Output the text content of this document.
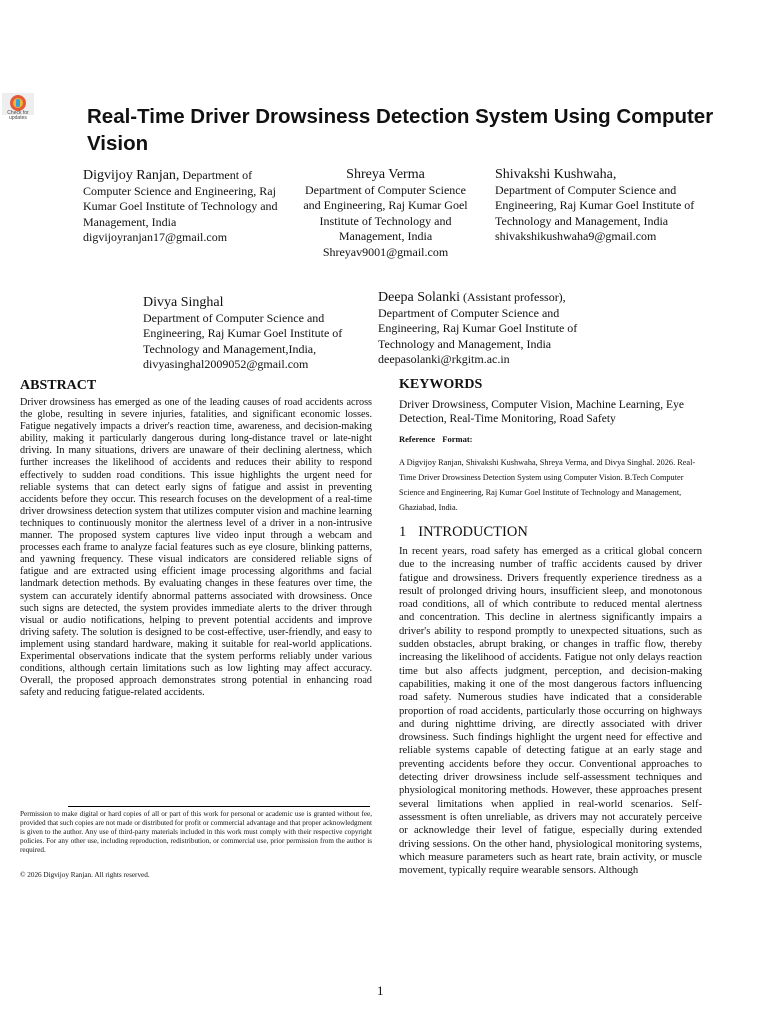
Check for updates	Real-Time Driver Drowsiness Detection System Using Computer Vision
Digvijoy Ranjan, Department of
Computer Science and Engineering, Raj Kumar Goel Institute of Technology and Management, India
digvijoyranjan17@gmail.com
Shreya Verma
Department of Computer Science and Engineering, Raj Kumar Goel Institute of Technology and Management, India
Shreyav9001@gmail.com
Shivakshi Kushwaha,
Department of Computer Science and Engineering, Raj Kumar Goel Institute of Technology and Management, India
shivakshikushwaha9@gmail.com
Divya Singhal
Department of Computer Science and Engineering, Raj Kumar Goel Institute of Technology and Management,India,
divyasinghal2009052@gmail.com
Deepa Solanki (Assistant professor),
Department of Computer Science and Engineering, Raj Kumar Goel Institute of Technology and Management, India
deepasolanki@rkgitm.ac.in
ABSTRACT
Driver drowsiness has emerged as one of the leading causes of road accidents across the globe, resulting in severe injuries, fatalities, and significant economic losses. Fatigue negatively impacts a driver's reaction time, awareness, and decision-making ability, making it particularly dangerous during long-distance travel or late-night driving. In many situations, drivers are unaware of their declining alertness, which further increases the likelihood of accidents and reduces their ability to respond effectively to sudden road conditions. This issue highlights the urgent need for reliable systems that can detect early signs of fatigue and assist in preventing accidents before they occur. This research focuses on the development of a real-time driver drowsiness detection system that utilizes computer vision and machine learning techniques to continuously monitor the alertness level of a driver in a non-intrusive manner. The proposed system captures live video input through a webcam and processes each frame to analyze facial features such as eye closure, blinking patterns, and yawning frequency. These visual indicators are considered reliable signs of fatigue and are extracted using efficient image processing algorithms and facial landmark detection methods. By evaluating changes in these features over time, the system can accurately identify abnormal patterns associated with drowsiness. Once such signs are detected, the system provides immediate alerts to the driver through visual or audio notifications, helping to prevent potential accidents and improve driving safety. The solution is designed to be cost-effective, user-friendly, and easy to implement using standard hardware, making it suitable for real-world applications. Experimental observations indicate that the system performs reliably under various conditions, although certain limitations such as low lighting may affect accuracy. Overall, the proposed approach demonstrates strong potential in enhancing road safety and reducing fatigue-related accidents.
Permission to make digital or hard copies of all or part of this work for personal or academic use is granted without fee, provided that such copies are not made or distributed for profit or commercial advantage and that proper acknowledgment is given to the author. Any use of third-party materials included in this work must comply with their respective copyright policies. For any other use, including reproduction, redistribution, or commercial use, prior permission from the author is required.
© 2026 Digvijoy Ranjan. All rights reserved.
KEYWORDS
Driver Drowsiness, Computer Vision, Machine Learning, Eye Detection, Real-Time Monitoring, Road Safety
Reference Format:
A Digvijoy Ranjan, Shivakshi Kushwaha, Shreya Verma, and Divya Singhal. 2026. Real-Time Driver Drowsiness Detection System using Computer Vision. B.Tech Computer Science and Engineering, Raj Kumar Goel Institute of Technology and Management, Ghaziabad, India.
1 INTRODUCTION
In recent years, road safety has emerged as a critical global concern due to the increasing number of traffic accidents caused by driver fatigue and drowsiness. Drivers frequently experience tiredness as a result of prolonged driving hours, insufficient sleep, and monotonous road conditions, all of which contribute to reduced mental alertness and concentration. This decline in alertness significantly impairs a driver's ability to respond promptly to unexpected situations, such as sudden obstacles, abrupt braking, or changes in traffic flow, thereby increasing the likelihood of accidents. Fatigue not only delays reaction time but also affects judgment, perception, and decision-making capabilities, making it one of the most dangerous factors influencing road safety. Numerous studies have indicated that a considerable proportion of road accidents, particularly those occurring on highways and during nighttime driving, are directly associated with driver drowsiness. Such findings highlight the urgent need for effective and reliable systems capable of detecting fatigue at an early stage and preventing accidents before they occur. Conventional approaches to detecting driver drowsiness include self-assessment techniques and physiological monitoring methods. However, these approaches present several limitations when applied in real-world scenarios. Self-assessment is often unreliable, as drivers may not accurately perceive or acknowledge their level of fatigue, especially during extended driving sessions. On the other hand, physiological monitoring systems, which measure parameters such as heart rate, brain activity, or muscle movement, typically require wearable sensors. Although
1
